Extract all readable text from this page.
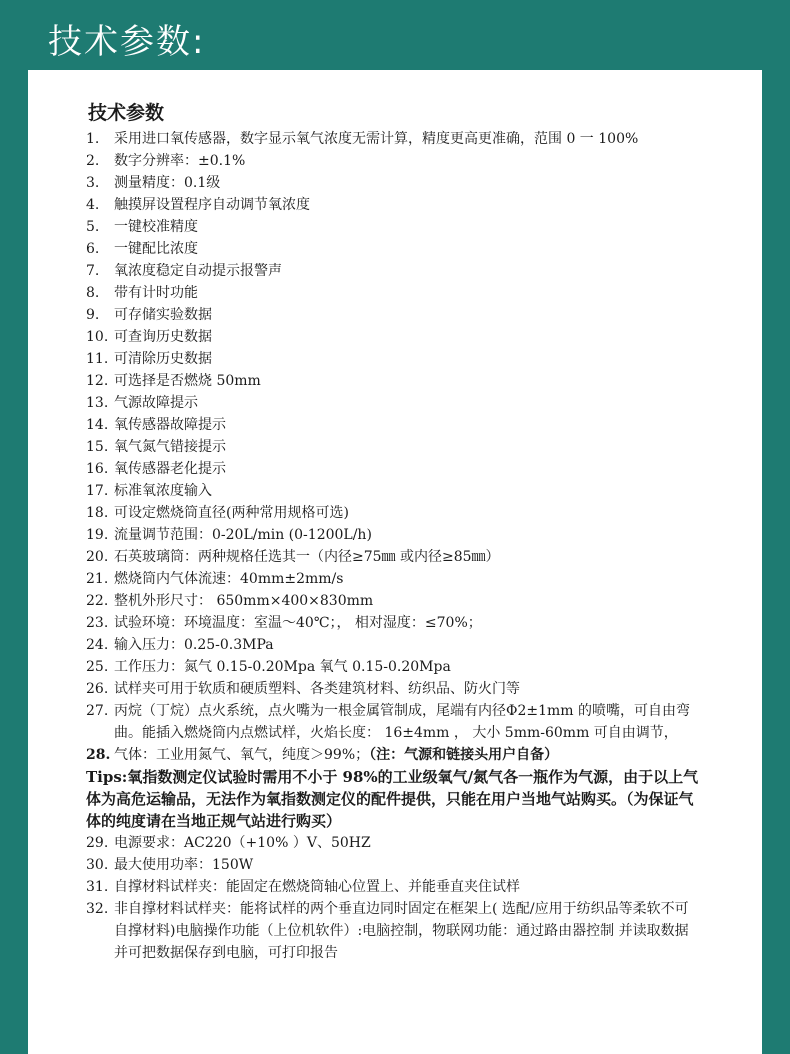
技术参数:
技术参数
1.	采用进口氧传感器，数字显示氧气浓度无需计算，精度更高更准确，范围 0 一 100%
2.	数字分辨率：±0.1%
3.	测量精度：0.1级
4.	触摸屏设置程序自动调节氧浓度
5.	一键校准精度
6.	一键配比浓度
7.	氧浓度稳定自动提示报警声
8.	带有计时功能
9.	可存储实验数据
10. 可查询历史数据
11. 可清除历史数据
12. 可选择是否燃烧 50mm
13. 气源故障提示
14. 氧传感器故障提示
15. 氧气氮气错接提示
16. 氧传感器老化提示
17. 标准氧浓度输入
18. 可设定燃烧筒直径(两种常用规格可选)
19. 流量调节范围：0-20L/min (0-1200L/h)
20. 石英玻璃筒：两种规格任选其一（内径≥75㎜ 或内径≥85㎜）
21. 燃烧筒内气体流速：40mm±2mm/s
22. 整机外形尺寸： 650mm×400×830mm
23. 试验环境：环境温度：室温～40℃；， 相对湿度：≤70%；
24. 输入压力：0.25-0.3MPa
25. 工作压力：氮气 0.15-0.20Mpa 氧气 0.15-0.20Mpa
26. 试样夹可用于软质和硬质塑料、各类建筑材料、纺织品、防火门等
27. 丙烷（丁烷）点火系统，点火嘴为一根金属管制成，尾端有内径Φ2±1mm 的喷嘴，可自由弯曲。能插入燃烧筒内点燃试样，火焰长度： 16±4mm ， 大小 5mm-60mm 可自由调节，
28. 气体：工业用氮气、氧气，纯度＞99%；（注：气源和链接头用户自备）

Tips:氧指数测定仪试验时需用不小于 98%的工业级氧气/氮气各一瓶作为气源，由于以上气体为高危运输品，无法作为氧指数测定仪的配件提供，只能在用户当地气站购买。（为保证气体的纯度请在当地正规气站进行购买）

29. 电源要求：AC220（+10% ）V、50HZ
30. 最大使用功率：150W
31. 自撑材料试样夹：能固定在燃烧筒轴心位置上、并能垂直夹住试样
32. 非自撑材料试样夹：能将试样的两个垂直边同时固定在框架上( 选配/应用于纺织品等柔软不可自撑材料)电脑操作功能（上位机软件）:电脑控制，物联网功能：通过路由器控制 并读取数据并可把数据保存到电脑，可打印报告
